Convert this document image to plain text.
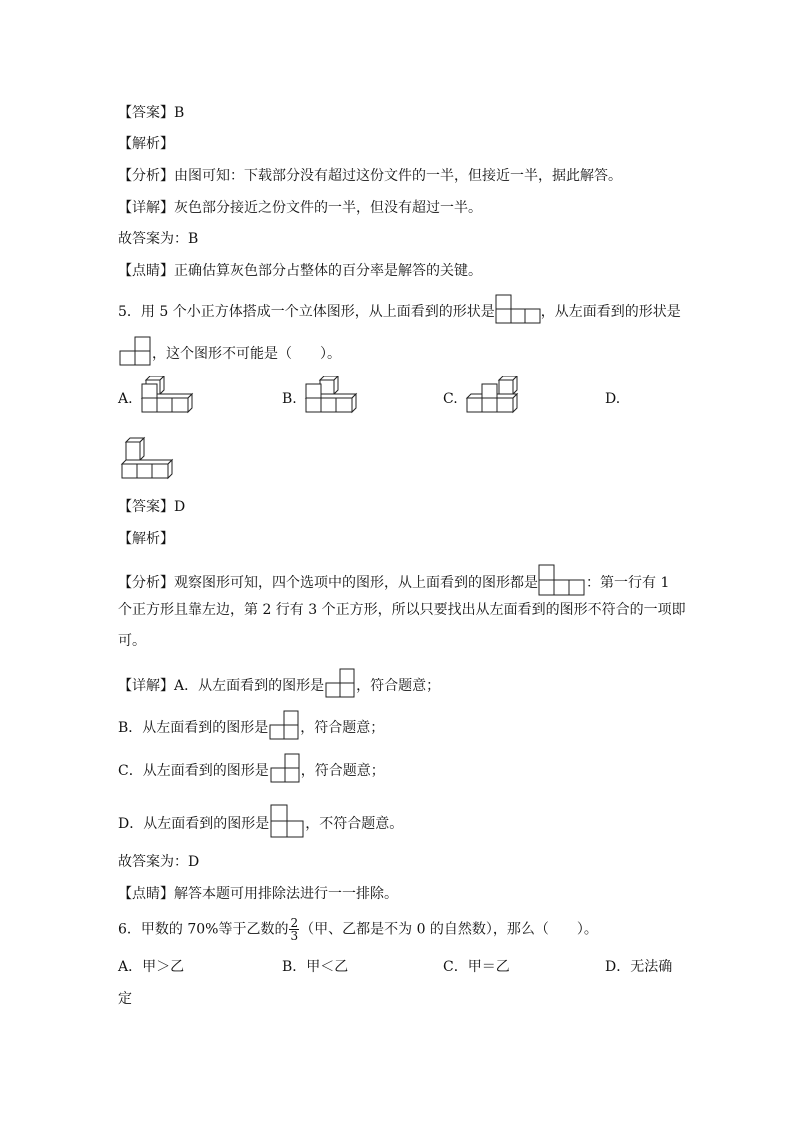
【答案】B
【解析】
【分析】由图可知：下载部分没有超过这份文件的一半，但接近一半，据此解答。
【详解】灰色部分接近之份文件的一半，但没有超过一半。
故答案为：B
【点睛】正确估算灰色部分占整体的百分率是解答的关键。
5．用 5 个小正方体搭成一个立体图形，从上面看到的形状是	，从左面看到的形状是
，这个图形不可能是（　　）。
A.	B.	C.	D.
【答案】D
【解析】
【分析】观察图形可知，四个选项中的图形，从上面看到的图形都是	：第一行有 1
个正方形且靠左边，第 2 行有 3 个正方形，所以只要找出从左面看到的图形不符合的一项即
可。
【详解】A．从左面看到的图形是 ，符合题意；
B．从左面看到的图形是 ，符合题意；
C．从左面看到的图形是 ，符合题意；
D．从左面看到的图形是	，不符合题意。
故答案为：D
【点睛】解答本题可用排除法进行一一排除。
6．甲数的 70%等于乙数的 $\frac{2}{3}$ （甲、乙都是不为 0 的自然数），那么（　　）。
A．甲＞乙	B．甲＜乙	C．甲＝乙	D．无法确
定
